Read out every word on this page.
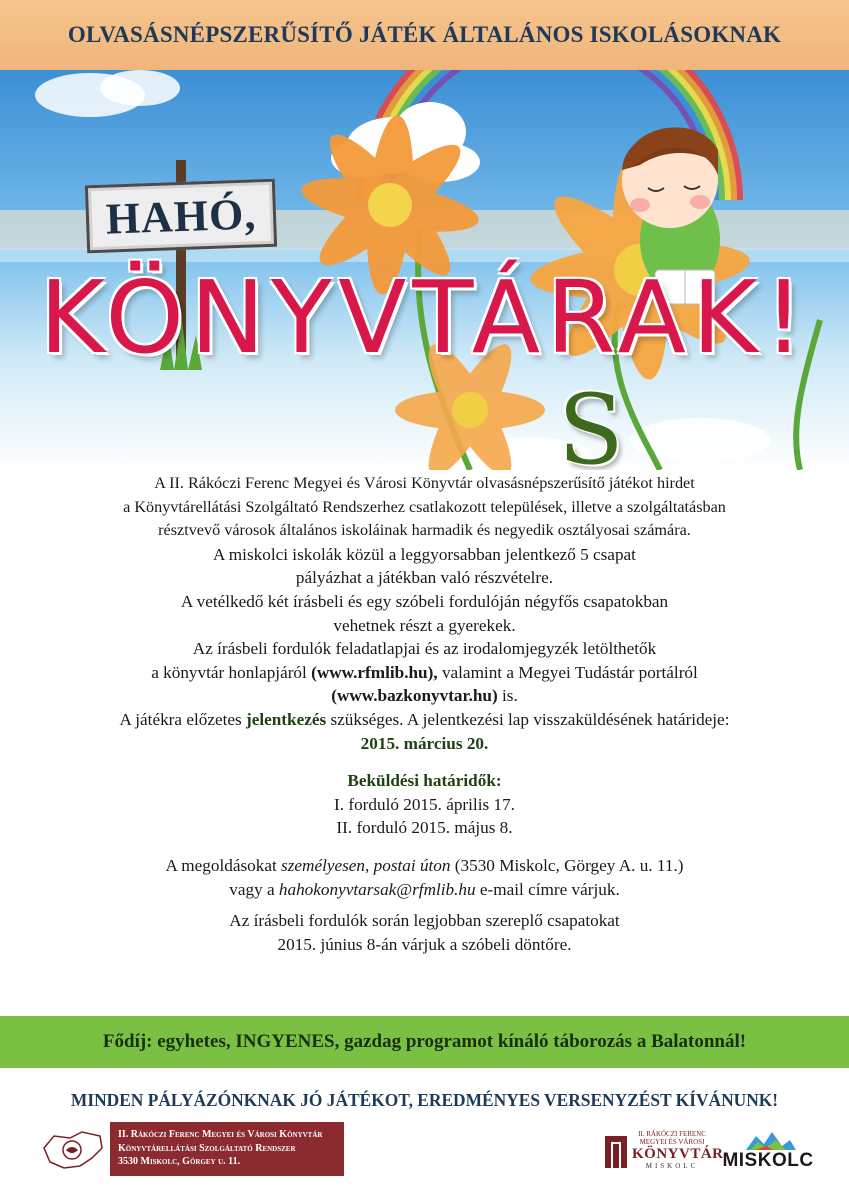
OLVASÁSNÉPSZERŰSÍTŐ JÁTÉK ÁLTALÁNOS ISKOLÁSOKNAK
HAHÓ,
KÖNYVTÁRAK!
S

A II. Rákóczi Ferenc Megyei és Városi Könyvtár olvasásnépszerűsítő játékot hirdet

a Könyvtárellátási Szolgáltató Rendszerhez csatlakozott települések, illetve a szolgáltatásban

résztvevő városok általános iskoláinak harmadik és negyedik osztályosai számára.

A miskolci iskolák közül a leggyorsabban jelentkező 5 csapat

pályázhat a játékban való részvételre.

A vetélkedő két írásbeli és egy szóbeli fordulóján négyfős csapatokban

vehetnek részt a gyerekek.

Az írásbeli fordulók feladatlapjai és az irodalomjegyzék letölthetők

a könyvtár honlapjáról (www.rfmlib.hu), valamint a Megyei Tudástár portálról

(www.bazkonyvtar.hu) is.

A játékra előzetes jelentkezés szükséges. A jelentkezési lap visszaküldésének határideje:

2015. március 20.

Beküldési határidők:

I. forduló 2015. április 17.

II. forduló 2015. május 8.

A megoldásokat személyesen, postai úton (3530 Miskolc, Görgey A. u. 11.)

vagy a hahokonyvtarsak@rfmlib.hu e-mail címre várjuk.

Az írásbeli fordulók során legjobban szereplő csapatokat

2015. június 8-án várjuk a szóbeli döntőre.

Fődíj: egyhetes, INGYENES, gazdag programot kínáló táborozás a Balatonnál!
MINDEN PÁLYÁZÓNKNAK JÓ JÁTÉKOT, EREDMÉNYES VERSENYZÉST KÍVÁNUNK!
II. Rákóczi Ferenc Megyei és Városi Könyvtár
Könyvtárellátási Szolgáltató Rendszer
3530 Miskolc, Görgey u. 11.
II. RÁKÓCZI FERENC
MEGYEI ÉS VÁROSI
KÖNYVTÁR
MISKOLC	MISKOLC
